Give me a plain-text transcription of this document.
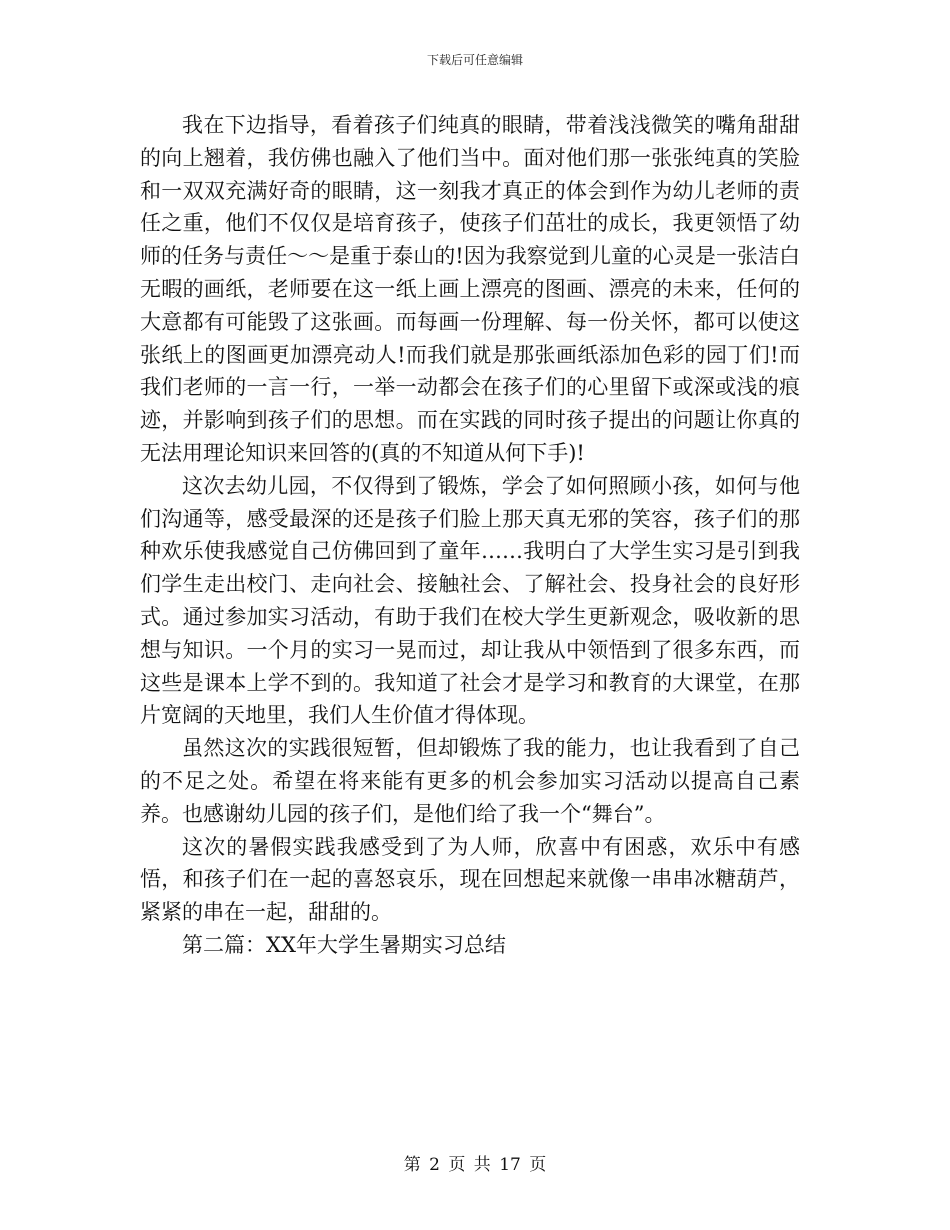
下载后可任意编辑

我在下边指导，看着孩子们纯真的眼睛，带着浅浅微笑的嘴角甜甜的向上翘着，我仿佛也融入了他们当中。面对他们那一张张纯真的笑脸和一双双充满好奇的眼睛，这一刻我才真正的体会到作为幼儿老师的责任之重，他们不仅仅是培育孩子，使孩子们茁壮的成长，我更领悟了幼师的任务与责任～～是重于泰山的!因为我察觉到儿童的心灵是一张洁白无暇的画纸，老师要在这一纸上画上漂亮的图画、漂亮的未来，任何的大意都有可能毁了这张画。而每画一份理解、每一份关怀，都可以使这张纸上的图画更加漂亮动人!而我们就是那张画纸添加色彩的园丁们!而我们老师的一言一行，一举一动都会在孩子们的心里留下或深或浅的痕迹，并影响到孩子们的思想。而在实践的同时孩子提出的问题让你真的无法用理论知识来回答的(真的不知道从何下手)!

这次去幼儿园，不仅得到了锻炼，学会了如何照顾小孩，如何与他们沟通等，感受最深的还是孩子们脸上那天真无邪的笑容，孩子们的那种欢乐使我感觉自己仿佛回到了童年……我明白了大学生实习是引到我们学生走出校门、走向社会、接触社会、了解社会、投身社会的良好形式。通过参加实习活动，有助于我们在校大学生更新观念，吸收新的思想与知识。一个月的实习一晃而过，却让我从中领悟到了很多东西，而这些是课本上学不到的。我知道了社会才是学习和教育的大课堂，在那片宽阔的天地里，我们人生价值才得体现。

虽然这次的实践很短暂，但却锻炼了我的能力，也让我看到了自己的不足之处。希望在将来能有更多的机会参加实习活动以提高自己素养。也感谢幼儿园的孩子们，是他们给了我一个“舞台”。

这次的暑假实践我感受到了为人师，欣喜中有困惑，欢乐中有感悟，和孩子们在一起的喜怒哀乐，现在回想起来就像一串串冰糖葫芦，紧紧的串在一起，甜甜的。

第二篇：XX年大学生暑期实习总结

第 2 页 共 17 页
